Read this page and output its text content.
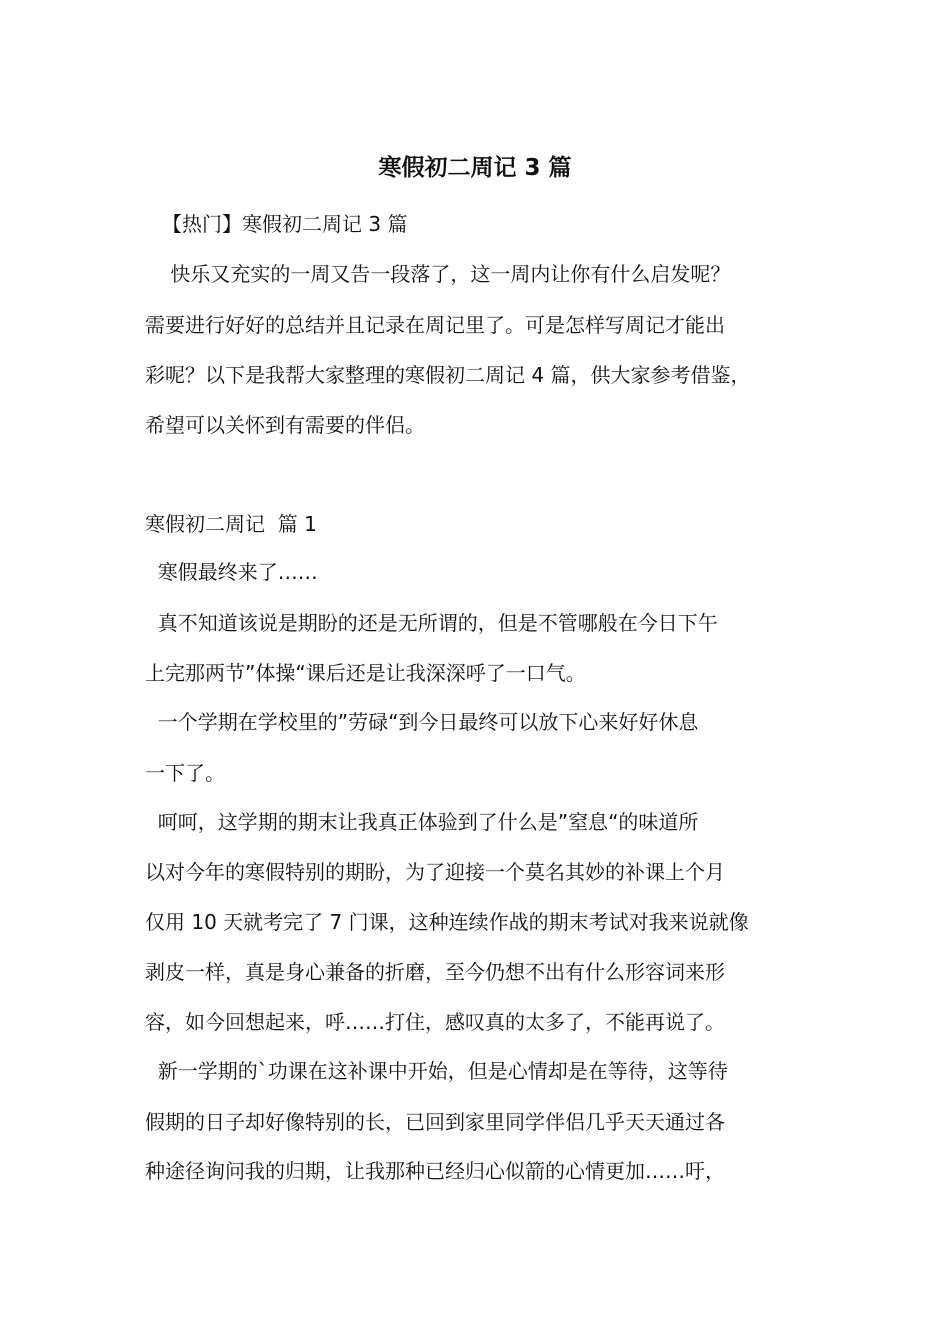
寒假初二周记 3 篇
【热门】寒假初二周记 3 篇
快乐又充实的一周又告一段落了，这一周内让你有什么启发呢？
需要进行好好的总结并且记录在周记里了。可是怎样写周记才能出
彩呢？以下是我帮大家整理的寒假初二周记 4 篇，供大家参考借鉴，
希望可以关怀到有需要的伴侣。
寒假初二周记  篇 1
寒假最终来了……
真不知道该说是期盼的还是无所谓的，但是不管哪般在今日下午
上完那两节”体操“课后还是让我深深呼了一口气。
一个学期在学校里的”劳碌“到今日最终可以放下心来好好休息
一下了。
呵呵，这学期的期末让我真正体验到了什么是”窒息“的味道所
以对今年的寒假特别的期盼，为了迎接一个莫名其妙的补课上个月
仅用 10 天就考完了 7 门课，这种连续作战的期末考试对我来说就像
剥皮一样，真是身心兼备的折磨，至今仍想不出有什么形容词来形
容，如今回想起来，呼……打住，感叹真的太多了，不能再说了。
新一学期的`功课在这补课中开始，但是心情却是在等待，这等待
假期的日子却好像特别的长，已回到家里同学伴侣几乎天天通过各
种途径询问我的归期，让我那种已经归心似箭的心情更加……吁，
